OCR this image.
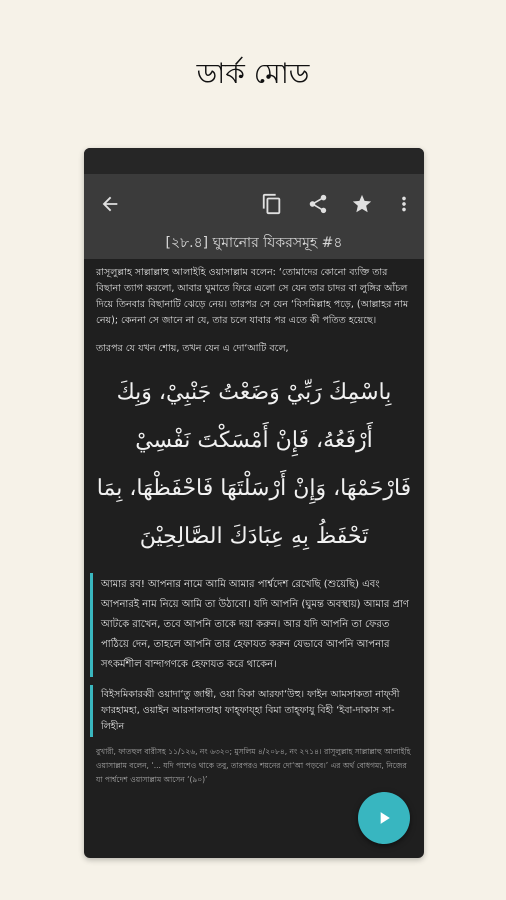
ডার্ক মোড
[২৮.৪] ঘুমানোর যিকরসমূহ #৪

রাসূলুল্লাহ সাল্লাল্লাহু আলাইহি ওয়াসাল্লাম বলেন: ‘তোমাদের কোনো ব্যক্তি তার বিছানা ত্যাগ করলো, আবার ঘুমাতে ফিরে এলো সে যেন তার চাদর বা লুঙ্গির আঁচল দিয়ে তিনবার বিছানাটি ঝেড়ে নেয়। তারপর সে যেন ‘বিসমিল্লাহ পড়ে, (আল্লাহর নাম নেয়); কেননা সে জানে না যে, তার চলে যাবার পর এতে কী পতিত হয়েছে।

তারপর যে যখন শোয়, তখন যেন এ দো‘আটি বলে,

بِاسْمِكَ رَبِّيْ وَضَعْتُ جَنْبِيْ، وَبِكَ أَرْفَعُهُ، فَإِنْ أَمْسَكْتَ نَفْسِيْ فَارْحَمْهَا، وَإِنْ أَرْسَلْتَهَا فَاحْفَظْهَا، بِمَا تَحْفَظُ بِهِ عِبَادَكَ الصَّالِحِيْنَ
আমার রব! আপনার নামে আমি আমার পার্শ্বদেশ রেখেছি (শুয়েছি) এবং আপনারই নাম নিয়ে আমি তা উঠাবো। যদি আপনি (ঘুমন্ত অবস্থায়) আমার প্রাণ আটকে রাখেন, তবে আপনি তাকে দয়া করুন। আর যদি আপনি তা ফেরত পাঠিয়ে দেন, তাহলে আপনি তার হেফাযত করুন যেভাবে আপনি আপনার সৎকর্মশীল বান্দাগণকে হেফাযত করে থাকেন।
বিইসমিকারব্বী ওয়াদা‘তু জাম্বী, ওয়া বিকা আরফা‘উহু। ফাইন আমসাকতা নাফ্সী ফারহামহা, ওয়াইন আরসালতাহা ফাহ্‌ফায্‌হা বিমা তাহ্‌ফাযু বিহী ‘ইবা-দাকাস সা-লিহীন

বুখারী, ফাতহুল বারীসহ ১১/১২৬, নং ৬৩২০; মুসলিম ৪/২০৮৪, নং ২৭১৪। রাসূলুল্লাহ সাল্লাল্লাহু আলাইহি ওয়াসাল্লাম বলেন, ‘... যদি পাশেও থাকে তবু, তারপরও শয়নের দো‘আ পড়বে।’ এর অর্থ বোধগম্য, নিজের যা পার্শ্বদেশ ওয়াসাল্লাম আসেন ‘(৯০)’
